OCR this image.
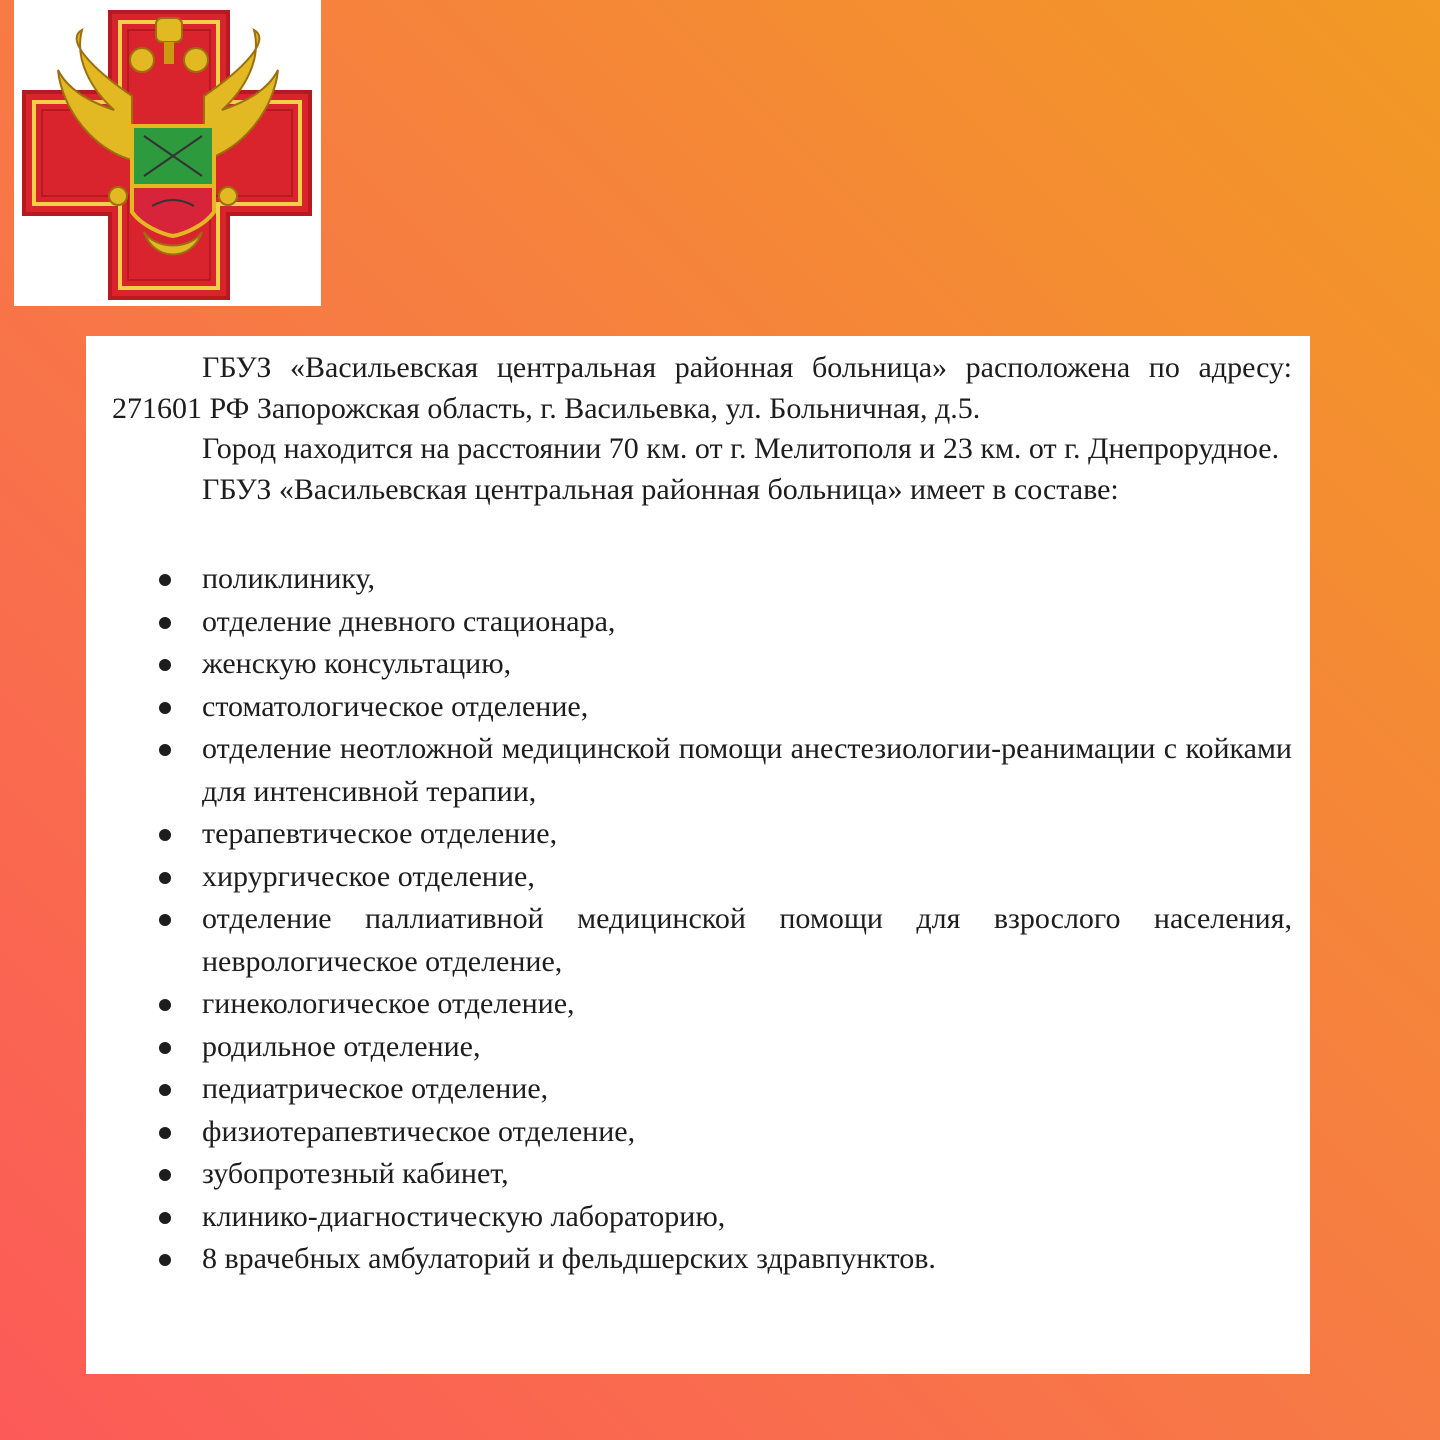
ГБУЗ «Васильевская центральная районная больница» расположена по адресу: 271601 РФ Запорожская область, г. Васильевка, ул. Больничная, д.5.

Город находится на расстоянии 70 км. от г. Мелитополя и 23 км. от г. Днепрорудное.

ГБУЗ «Васильевская центральная районная больница» имеет в составе:

поликлинику,
отделение дневного стационара,
женскую консультацию,
стоматологическое отделение,
отделение неотложной медицинской помощи анестезиологии-реанимации с койками для интенсивной терапии,
терапевтическое отделение,
хирургическое отделение,
отделение паллиативной медицинской помощи для взрослого населения, неврологическое отделение,
гинекологическое отделение,
родильное отделение,
педиатрическое отделение,
физиотерапевтическое отделение,
зубопротезный кабинет,
клинико-диагностическую лабораторию,
8 врачебных амбулаторий и фельдшерских здравпунктов.
